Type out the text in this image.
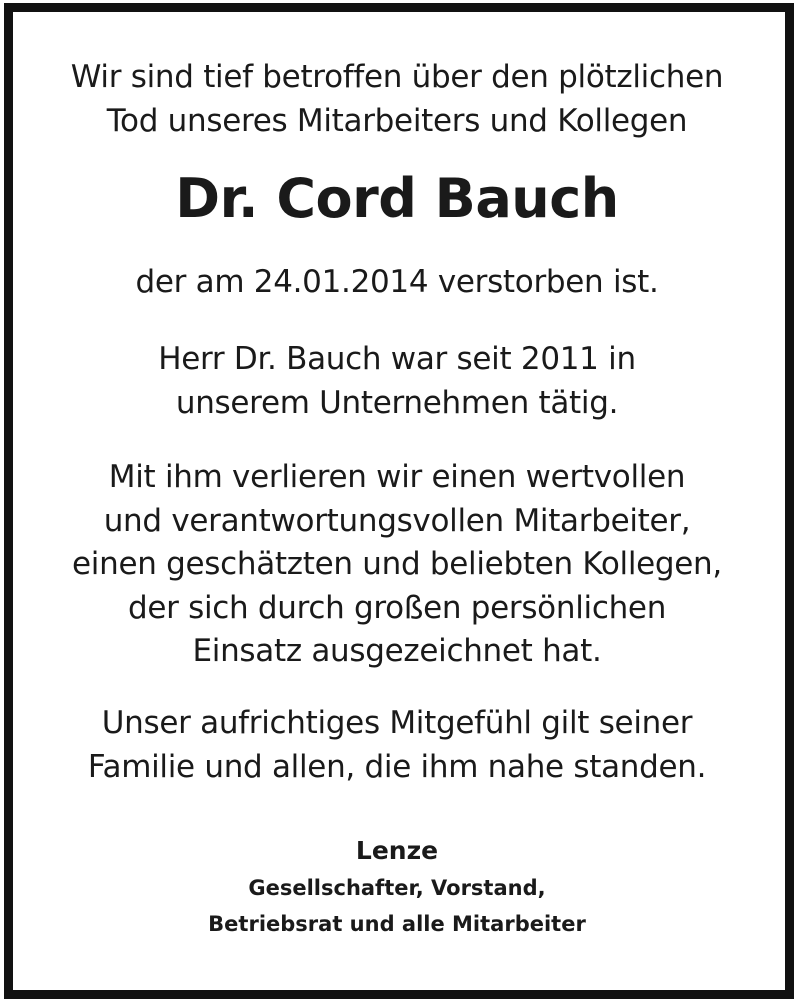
Wir sind tief betroffen über den plötzlichen
Tod unseres Mitarbeiters und Kollegen
Dr. Cord Bauch
der am 24.01.2014 verstorben ist.
Herr Dr. Bauch war seit 2011 in
unserem Unternehmen tätig.
Mit ihm verlieren wir einen wertvollen
und verantwortungsvollen Mitarbeiter,
einen geschätzten und beliebten Kollegen,
der sich durch großen persönlichen
Einsatz ausgezeichnet hat.
Unser aufrichtiges Mitgefühl gilt seiner
Familie und allen, die ihm nahe standen.
Lenze
Gesellschafter, Vorstand,
Betriebsrat und alle Mitarbeiter
